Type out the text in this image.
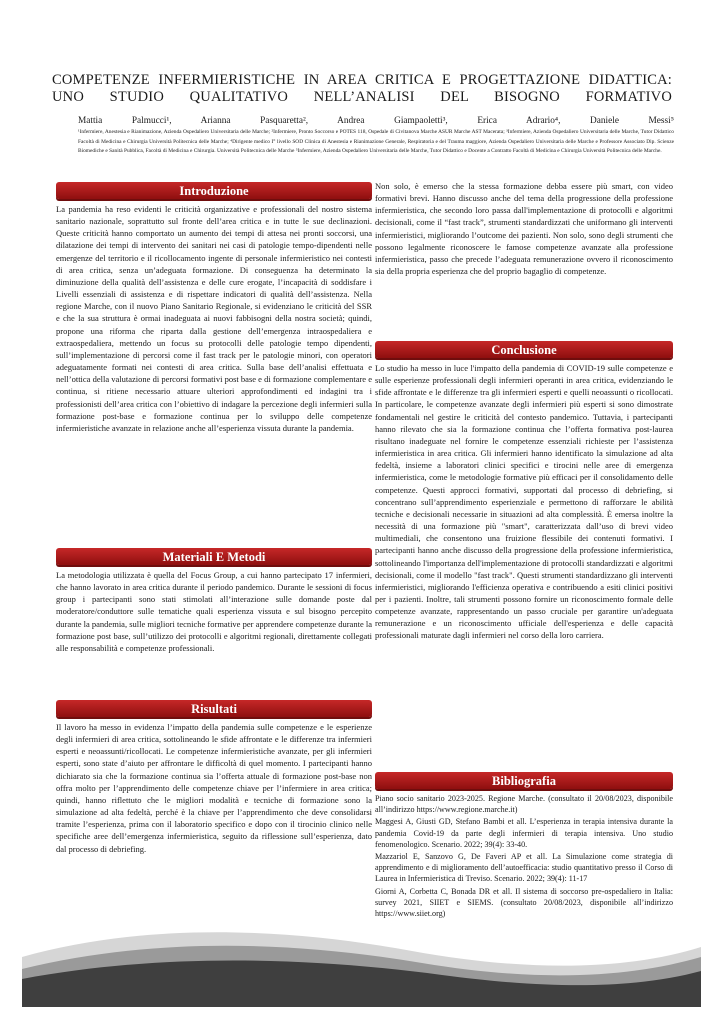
COMPETENZE INFERMIERISTICHE IN AREA CRITICA E PROGETTAZIONE DIDATTICA: UNO STUDIO QUALITATIVO NELL’ANALISI DEL BISOGNO FORMATIVO

Mattia Palmucci¹, Arianna Pasquaretta², Andrea Giampaoletti³, Erica Adrario⁴, Daniele Messi⁵

¹Infermiere, Anestesia e Rianimazione, Azienda Ospedaliero Universitaria delle Marche; ²Infermiere, Pronto Soccorso e POTES 118, Ospedale di Civitanova Marche ASUR Marche AST Macerata; ³Infermiere, Azienda Ospedaliero Universitaria delle Marche, Tutor Didattico Facoltà di Medicina e Chirurgia Università Politecnica delle Marche; ⁴Dirigente medico I° livello SOD Clinica di Anestesia e Rianimazione Generale, Respiratoria e del Trauma maggiore, Azienda Ospedaliero Universitaria delle Marche e Professore Associato Dip. Scienze Biomediche e Sanità Pubblica, Facoltà di Medicina e Chirurgia. Università Politecnica delle Marche ⁵Infermiere, Azienda Ospedaliero Universitaria delle Marche, Tutor Didattico e Docente a Contratto Facoltà di Medicina e Chirurgia Università Politecnica delle Marche.

Introduzione

La pandemia ha reso evidenti le criticità organizzative e professionali del nostro sistema sanitario nazionale, soprattutto sul fronte dell’area critica e in tutte le sue declinazioni. Queste criticità hanno comportato un aumento dei tempi di attesa nei pronti soccorsi, una dilatazione dei tempi di intervento dei sanitari nei casi di patologie tempo-dipendenti nelle emergenze del territorio e il ricollocamento ingente di personale infermieristico nei contesti di area critica, senza un’adeguata formazione. Di conseguenza ha determinato la diminuzione della qualità dell’assistenza e delle cure erogate, l’incapacità di soddisfare i Livelli essenziali di assistenza e di rispettare indicatori di qualità dell’assistenza. Nella regione Marche, con il nuovo Piano Sanitario Regionale, si evidenziano le criticità del SSR e che la sua struttura è ormai inadeguata ai nuovi fabbisogni della nostra società; quindi, propone una riforma che riparta dalla gestione dell’emergenza intraospedaliera e extraospedaliera, mettendo un focus su protocolli delle patologie tempo dipendenti, sull’implementazione di percorsi come il fast track per le patologie minori, con operatori adeguatamente formati nei contesti di area critica. Sulla base dell’analisi effettuata e nell’ottica della valutazione di percorsi formativi post base e di formazione complementare e continua, si ritiene necessario attuare ulteriori approfondimenti ed indagini tra i professionisti dell’area critica con l’obiettivo di indagare la percezione degli infermieri sulla formazione post-base e formazione continua per lo sviluppo delle competenze infermieristiche avanzate in relazione anche all’esperienza vissuta durante la pandemia.

Materiali E Metodi

La metodologia utilizzata è quella del Focus Group, a cui hanno partecipato 17 infermieri, che hanno lavorato in area critica durante il periodo pandemico. Durante le sessioni di focus group i partecipanti sono stati stimolati all’interazione sulle domande poste dal moderatore/conduttore sulle tematiche quali esperienza vissuta e sul bisogno percepito durante la pandemia, sulle migliori tecniche formative per apprendere competenze durante la formazione post base, sull’utilizzo dei protocolli e algoritmi regionali, direttamente collegati alle responsabilità e competenze professionali.

Risultati

Il lavoro ha messo in evidenza l’impatto della pandemia sulle competenze e le esperienze degli infermieri di area critica, sottolineando le sfide affrontate e le differenze tra infermieri esperti e neoassunti/ricollocati. Le competenze infermieristiche avanzate, per gli infermieri esperti, sono state d’aiuto per affrontare le difficoltà di quel momento. I partecipanti hanno dichiarato sia che la formazione continua sia l’offerta attuale di formazione post-base non offra molto per l’apprendimento delle competenze chiave per l’infermiere in area critica; quindi, hanno riflettuto che le migliori modalità e tecniche di formazione sono la simulazione ad alta fedeltà, perché è la chiave per l’apprendimento che deve consolidarsi tramite l’esperienza, prima con il laboratorio specifico e dopo con il tirocinio clinico nelle specifiche aree dell’emergenza infermieristica, seguito da riflessione sull’esperienza, dato dal processo di debriefing.

Non solo, è emerso che la stessa formazione debba essere più smart, con video formativi brevi. Hanno discusso anche del tema della progressione della professione infermieristica, che secondo loro passa dall'implementazione di protocolli e algoritmi decisionali, come il “fast track”, strumenti standardizzati che uniformano gli interventi infermieristici, migliorando l’outcome dei pazienti. Non solo, sono degli strumenti che possono legalmente riconoscere le famose competenze avanzate alla professione infermieristica, passo che precede l’adeguata remunerazione ovvero il riconoscimento sia della propria esperienza che del proprio bagaglio di competenze.

Conclusione

Lo studio ha messo in luce l'impatto della pandemia di COVID-19 sulle competenze e sulle esperienze professionali degli infermieri operanti in area critica, evidenziando le sfide affrontate e le differenze tra gli infermieri esperti e quelli neoassunti o ricollocati. In particolare, le competenze avanzate degli infermieri più esperti si sono dimostrate fondamentali nel gestire le criticità del contesto pandemico. Tuttavia, i partecipanti hanno rilevato che sia la formazione continua che l’offerta formativa post-laurea risultano inadeguate nel fornire le competenze essenziali richieste per l’assistenza infermieristica in area critica. Gli infermieri hanno identificato la simulazione ad alta fedeltà, insieme a laboratori clinici specifici e tirocini nelle aree di emergenza infermieristica, come le metodologie formative più efficaci per il consolidamento delle competenze. Questi approcci formativi, supportati dal processo di debriefing, si concentrano sull’apprendimento esperienziale e permettono di rafforzare le abilità tecniche e decisionali necessarie in situazioni ad alta complessità. È emersa inoltre la necessità di una formazione più "smart", caratterizzata dall’uso di brevi video multimediali, che consentono una fruizione flessibile dei contenuti formativi. I partecipanti hanno anche discusso della progressione della professione infermieristica, sottolineando l'importanza dell'implementazione di protocolli standardizzati e algoritmi decisionali, come il modello "fast track". Questi strumenti standardizzano gli interventi infermieristici, migliorando l'efficienza operativa e contribuendo a esiti clinici positivi per i pazienti. Inoltre, tali strumenti possono fornire un riconoscimento formale delle competenze avanzate, rappresentando un passo cruciale per garantire un'adeguata remunerazione e un riconoscimento ufficiale dell'esperienza e delle capacità professionali maturate dagli infermieri nel corso della loro carriera.

Bibliografia

Piano socio sanitario 2023-2025. Regione Marche. (consultato il 20/08/2023, disponibile all’indirizzo https://www.regione.marche.it)

Maggesi A, Giusti GD, Stefano Bambi et all. L’esperienza in terapia intensiva durante la pandemia Covid-19 da parte degli infermieri di terapia intensiva. Uno studio fenomenologico. Scenario. 2022; 39(4): 33-40.

Mazzariol E, Sanzovo G, De Faveri AP et all. La Simulazione come strategia di apprendimento e di miglioramento dell’autoefficacia: studio quantitativo presso il Corso di Laurea in Infermieristica di Treviso. Scenario. 2022; 39(4): 11-17

Giorni A, Corbetta C, Bonada DR et all. Il sistema di soccorso pre-ospedaliero in Italia: survey 2021, SIIET e SIEMS. (consultato 20/08/2023, disponibile all’indirizzo https://www.siiet.org)
